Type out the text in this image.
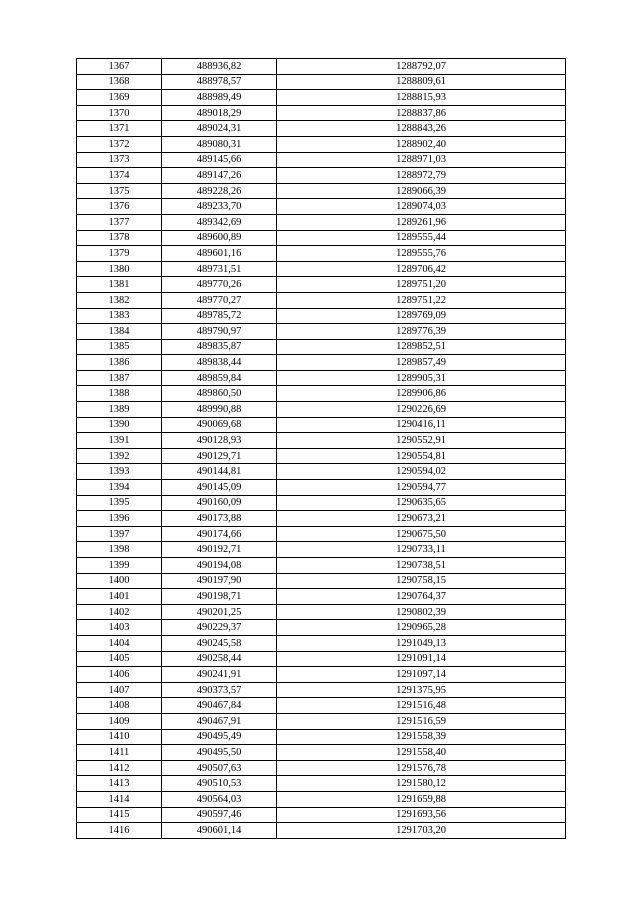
1367	488936,82	1288792,07
1368	488978,57	1288809,61
1369	488989,49	1288815,93
1370	489018,29	1288837,86
1371	489024,31	1288843,26
1372	489080,31	1288902,40
1373	489145,66	1288971,03
1374	489147,26	1288972,79
1375	489228,26	1289066,39
1376	489233,70	1289074,03
1377	489342,69	1289261,96
1378	489600,89	1289555,44
1379	489601,16	1289555,76
1380	489731,51	1289706,42
1381	489770,26	1289751,20
1382	489770,27	1289751,22
1383	489785,72	1289769,09
1384	489790,97	1289776,39
1385	489835,87	1289852,51
1386	489838,44	1289857,49
1387	489859,84	1289905,31
1388	489860,50	1289906,86
1389	489990,88	1290226,69
1390	490069,68	1290416,11
1391	490128,93	1290552,91
1392	490129,71	1290554,81
1393	490144,81	1290594,02
1394	490145,09	1290594,77
1395	490160,09	1290635,65
1396	490173,88	1290673,21
1397	490174,66	1290675,50
1398	490192,71	1290733,11
1399	490194,08	1290738,51
1400	490197,90	1290758,15
1401	490198,71	1290764,37
1402	490201,25	1290802,39
1403	490229,37	1290965,28
1404	490245,58	1291049,13
1405	490258,44	1291091,14
1406	490241,91	1291097,14
1407	490373,57	1291375,95
1408	490467,84	1291516,48
1409	490467,91	1291516,59
1410	490495,49	1291558,39
1411	490495,50	1291558,40
1412	490507,63	1291576,78
1413	490510,53	1291580,12
1414	490564,03	1291659,88
1415	490597,46	1291693,56
1416	490601,14	1291703,20
